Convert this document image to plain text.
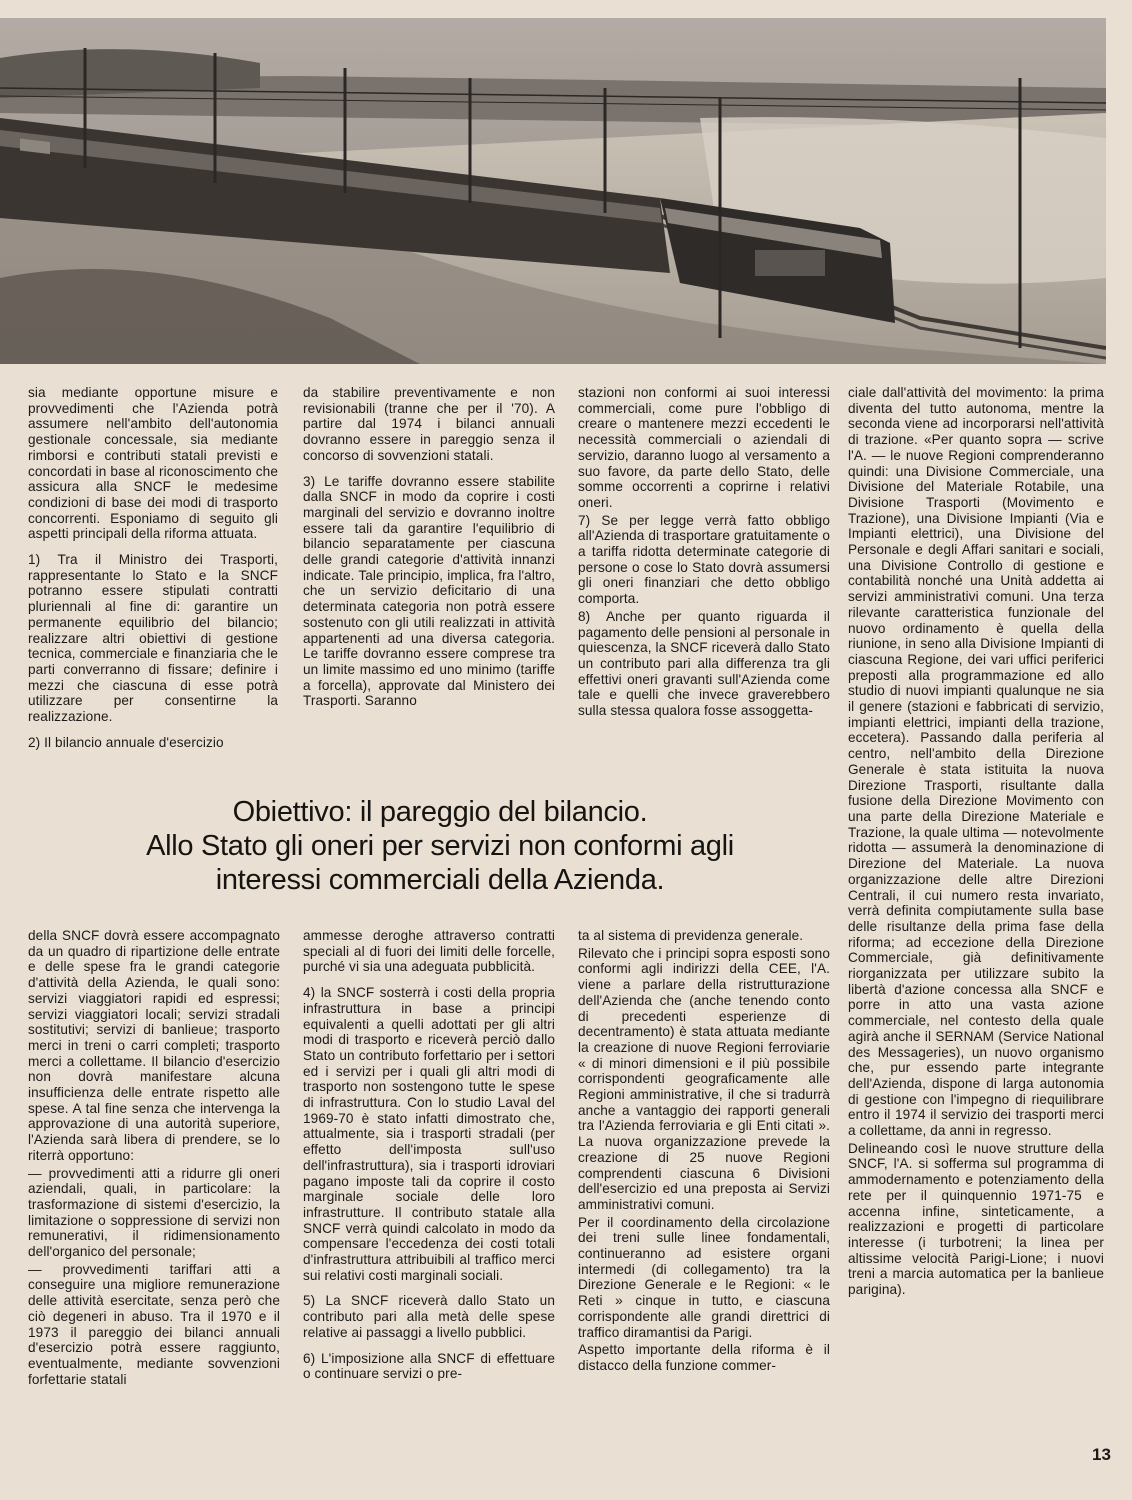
sia mediante opportune misure e provvedimenti che l'Azienda potrà assumere nell'ambito dell'autonomia gestionale concessale, sia mediante rimborsi e contributi statali previsti e concordati in base al riconoscimento che assicura alla SNCF le medesime condizioni di base dei modi di trasporto concorrenti. Esponiamo di seguito gli aspetti principali della riforma attuata.

1) Tra il Ministro dei Trasporti, rappresentante lo Stato e la SNCF potranno essere stipulati contratti pluriennali al fine di: garantire un permanente equilibrio del bilancio; realizzare altri obiettivi di gestione tecnica, commerciale e finanziaria che le parti converranno di fissare; definire i mezzi che ciascuna di esse potrà utilizzare per consentirne la realizzazione.

2) Il bilancio annuale d'esercizio

da stabilire preventivamente e non revisionabili (tranne che per il '70). A partire dal 1974 i bilanci annuali dovranno essere in pareggio senza il concorso di sovvenzioni statali.

3) Le tariffe dovranno essere stabilite dalla SNCF in modo da coprire i costi marginali del servizio e dovranno inoltre essere tali da garantire l'equilibrio di bilancio separatamente per ciascuna delle grandi categorie d'attività innanzi indicate. Tale principio, implica, fra l'altro, che un servizio deficitario di una determinata categoria non potrà essere sostenuto con gli utili realizzati in attività appartenenti ad una diversa categoria. Le tariffe dovranno essere comprese tra un limite massimo ed uno minimo (tariffe a forcella), approvate dal Ministero dei Trasporti. Saranno

stazioni non conformi ai suoi interessi commerciali, come pure l'obbligo di creare o mantenere mezzi eccedenti le necessità commerciali o aziendali di servizio, daranno luogo al versamento a suo favore, da parte dello Stato, delle somme occorrenti a coprirne i relativi oneri.

7) Se per legge verrà fatto obbligo all'Azienda di trasportare gratuitamente o a tariffa ridotta determinate categorie di persone o cose lo Stato dovrà assumersi gli oneri finanziari che detto obbligo comporta.

8) Anche per quanto riguarda il pagamento delle pensioni al personale in quiescenza, la SNCF riceverà dallo Stato un contributo pari alla differenza tra gli effettivi oneri gravanti sull'Azienda come tale e quelli che invece graverebbero sulla stessa qualora fosse assoggetta-

Obiettivo: il pareggio del bilancio.
Allo Stato gli oneri per servizi non conformi agli
interessi commerciali della Azienda.

della SNCF dovrà essere accompagnato da un quadro di ripartizione delle entrate e delle spese fra le grandi categorie d'attività della Azienda, le quali sono: servizi viaggiatori rapidi ed espressi; servizi viaggiatori locali; servizi stradali sostitutivi; servizi di banlieue; trasporto merci in treni o carri completi; trasporto merci a collettame. Il bilancio d'esercizio non dovrà manifestare alcuna insufficienza delle entrate rispetto alle spese. A tal fine senza che intervenga la approvazione di una autorità superiore, l'Azienda sarà libera di prendere, se lo riterrà opportuno:

— provvedimenti atti a ridurre gli oneri aziendali, quali, in particolare: la trasformazione di sistemi d'esercizio, la limitazione o soppressione di servizi non remunerativi, il ridimensionamento dell'organico del personale;

— provvedimenti tariffari atti a conseguire una migliore remunerazione delle attività esercitate, senza però che ciò degeneri in abuso. Tra il 1970 e il 1973 il pareggio dei bilanci annuali d'esercizio potrà essere raggiunto, eventualmente, mediante sovvenzioni forfettarie statali

ammesse deroghe attraverso contratti speciali al di fuori dei limiti delle forcelle, purché vi sia una adeguata pubblicità.

4) la SNCF sosterrà i costi della propria infrastruttura in base a principi equivalenti a quelli adottati per gli altri modi di trasporto e riceverà perciò dallo Stato un contributo forfettario per i settori ed i servizi per i quali gli altri modi di trasporto non sostengono tutte le spese di infrastruttura. Con lo studio Laval del 1969-70 è stato infatti dimostrato che, attualmente, sia i trasporti stradali (per effetto dell'imposta sull'uso dell'infrastruttura), sia i trasporti idroviari pagano imposte tali da coprire il costo marginale sociale delle loro infrastrutture. Il contributo statale alla SNCF verrà quindi calcolato in modo da compensare l'eccedenza dei costi totali d'infrastruttura attribuibili al traffico merci sui relativi costi marginali sociali.

5) La SNCF riceverà dallo Stato un contributo pari alla metà delle spese relative ai passaggi a livello pubblici.

6) L'imposizione alla SNCF di effettuare o continuare servizi o pre-

ta al sistema di previdenza generale.

Rilevato che i principi sopra esposti sono conformi agli indirizzi della CEE, l'A. viene a parlare della ristrutturazione dell'Azienda che (anche tenendo conto di precedenti esperienze di decentramento) è stata attuata mediante la creazione di nuove Regioni ferroviarie « di minori dimensioni e il più possibile corrispondenti geograficamente alle Regioni amministrative, il che si tradurrà anche a vantaggio dei rapporti generali tra l'Azienda ferroviaria e gli Enti citati ». La nuova organizzazione prevede la creazione di 25 nuove Regioni comprendenti ciascuna 6 Divisioni dell'esercizio ed una preposta ai Servizi amministrativi comuni.

Per il coordinamento della circolazione dei treni sulle linee fondamentali, continueranno ad esistere organi intermedi (di collegamento) tra la Direzione Generale e le Regioni: « le Reti » cinque in tutto, e ciascuna corrispondente alle grandi direttrici di traffico diramantisi da Parigi.

Aspetto importante della riforma è il distacco della funzione commer-

ciale dall'attività del movimento: la prima diventa del tutto autonoma, mentre la seconda viene ad incorporarsi nell'attività di trazione. «Per quanto sopra — scrive l'A. — le nuove Regioni comprenderanno quindi: una Divisione Commerciale, una Divisione del Materiale Rotabile, una Divisione Trasporti (Movimento e Trazione), una Divisione Impianti (Via e Impianti elettrici), una Divisione del Personale e degli Affari sanitari e sociali, una Divisione Controllo di gestione e contabilità nonché una Unità addetta ai servizi amministrativi comuni. Una terza rilevante caratteristica funzionale del nuovo ordinamento è quella della riunione, in seno alla Divisione Impianti di ciascuna Regione, dei vari uffici periferici preposti alla programmazione ed allo studio di nuovi impianti qualunque ne sia il genere (stazioni e fabbricati di servizio, impianti elettrici, impianti della trazione, eccetera). Passando dalla periferia al centro, nell'ambito della Direzione Generale è stata istituita la nuova Direzione Trasporti, risultante dalla fusione della Direzione Movimento con una parte della Direzione Materiale e Trazione, la quale ultima — notevolmente ridotta — assumerà la denominazione di Direzione del Materiale. La nuova organizzazione delle altre Direzioni Centrali, il cui numero resta invariato, verrà definita compiutamente sulla base delle risultanze della prima fase della riforma; ad eccezione della Direzione Commerciale, già definitivamente riorganizzata per utilizzare subito la libertà d'azione concessa alla SNCF e porre in atto una vasta azione commerciale, nel contesto della quale agirà anche il SERNAM (Service National des Messageries), un nuovo organismo che, pur essendo parte integrante dell'Azienda, dispone di larga autonomia di gestione con l'impegno di riequilibrare entro il 1974 il servizio dei trasporti merci a collettame, da anni in regresso.

Delineando così le nuove strutture della SNCF, l'A. si sofferma sul programma di ammodernamento e potenziamento della rete per il quinquennio 1971-75 e accenna infine, sinteticamente, a realizzazioni e progetti di particolare interesse (i turbotreni; la linea per altissime velocità Parigi-Lione; i nuovi treni a marcia automatica per la banlieue parigina).

13
